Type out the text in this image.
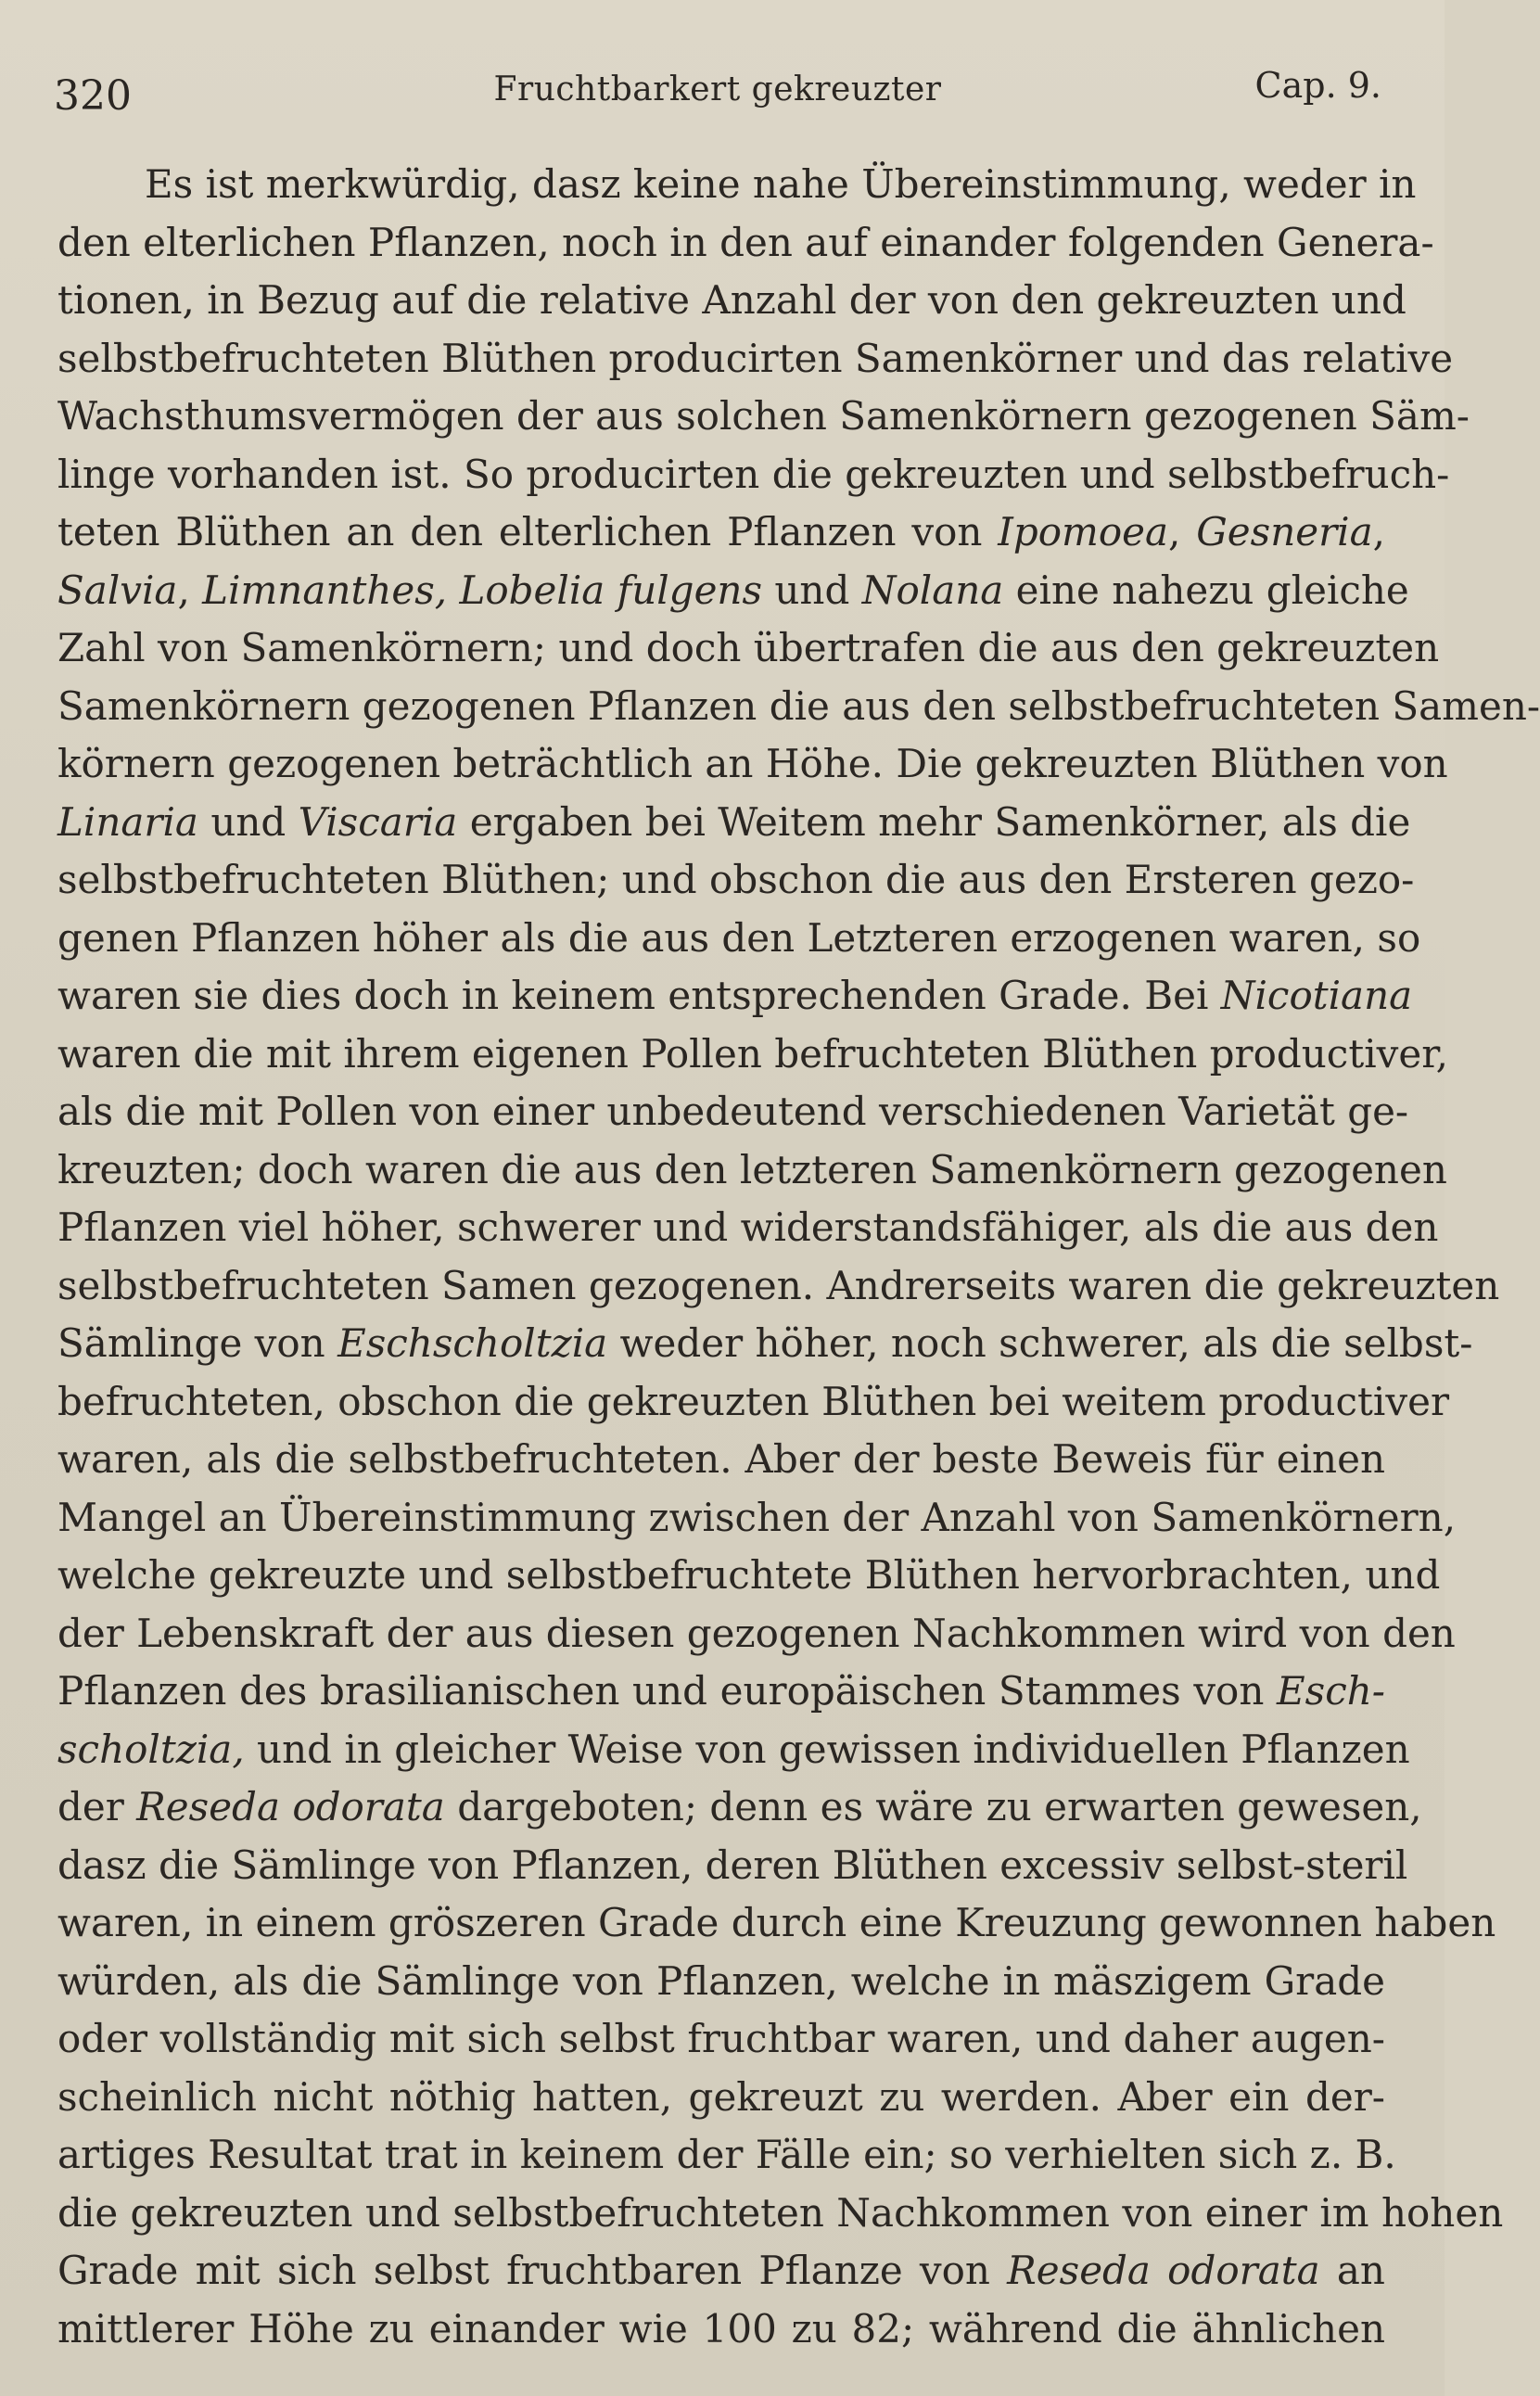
320	Fruchtbarkert gekreuzter	Cap. 9.
Es ist merkwürdig, dasz keine nahe Übereinstimmung, weder in
den elterlichen Pflanzen, noch in den auf einander folgenden Genera-
tionen, in Bezug auf die relative Anzahl der von den gekreuzten und
selbstbefruchteten Blüthen producirten Samenkörner und das relative
Wachsthumsvermögen der aus solchen Samenkörnern gezogenen Säm-
linge vorhanden ist. So producirten die gekreuzten und selbstbefruch-
teten Blüthen an den elterlichen Pflanzen von Ipomoea, Gesneria,
Salvia, Limnanthes, Lobelia fulgens und Nolana eine nahezu gleiche
Zahl von Samenkörnern; und doch übertrafen die aus den gekreuzten
Samenkörnern gezogenen Pflanzen die aus den selbstbefruchteten Samen-
körnern gezogenen beträchtlich an Höhe. Die gekreuzten Blüthen von
Linaria und Viscaria ergaben bei Weitem mehr Samenkörner, als die
selbstbefruchteten Blüthen; und obschon die aus den Ersteren gezo-
genen Pflanzen höher als die aus den Letzteren erzogenen waren, so
waren sie dies doch in keinem entsprechenden Grade. Bei Nicotiana
waren die mit ihrem eigenen Pollen befruchteten Blüthen productiver,
als die mit Pollen von einer unbedeutend verschiedenen Varietät ge-
kreuzten; doch waren die aus den letzteren Samenkörnern gezogenen
Pflanzen viel höher, schwerer und widerstandsfähiger, als die aus den
selbstbefruchteten Samen gezogenen. Andrerseits waren die gekreuzten
Sämlinge von Eschscholtzia weder höher, noch schwerer, als die selbst-
befruchteten, obschon die gekreuzten Blüthen bei weitem productiver
waren, als die selbstbefruchteten. Aber der beste Beweis für einen
Mangel an Übereinstimmung zwischen der Anzahl von Samenkörnern,
welche gekreuzte und selbstbefruchtete Blüthen hervorbrachten, und
der Lebenskraft der aus diesen gezogenen Nachkommen wird von den
Pflanzen des brasilianischen und europäischen Stammes von Esch-
scholtzia, und in gleicher Weise von gewissen individuellen Pflanzen
der Reseda odorata dargeboten; denn es wäre zu erwarten gewesen,
dasz die Sämlinge von Pflanzen, deren Blüthen excessiv selbst-steril
waren, in einem gröszeren Grade durch eine Kreuzung gewonnen haben
würden, als die Sämlinge von Pflanzen, welche in mäszigem Grade
oder vollständig mit sich selbst fruchtbar waren, und daher augen-
scheinlich nicht nöthig hatten, gekreuzt zu werden. Aber ein der-
artiges Resultat trat in keinem der Fälle ein; so verhielten sich z. B.
die gekreuzten und selbstbefruchteten Nachkommen von einer im hohen
Grade mit sich selbst fruchtbaren Pflanze von Reseda odorata an
mittlerer Höhe zu einander wie 100 zu 82; während die ähnlichen
